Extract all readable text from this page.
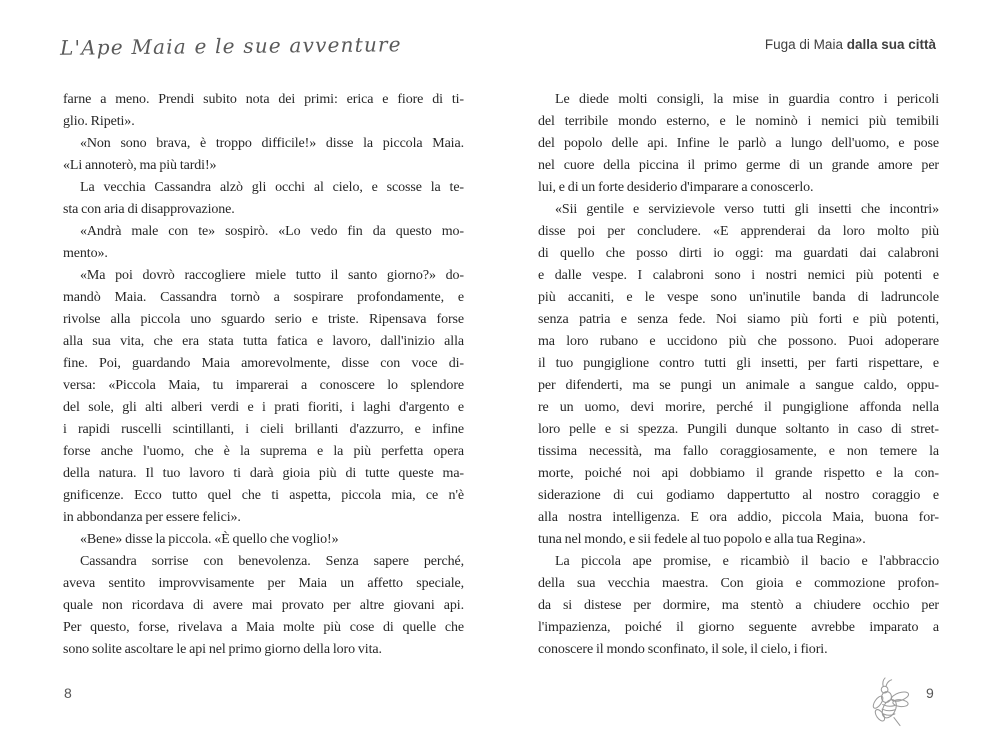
L'Ape Maia e le sue avventure	Fuga di Maia dalla sua città
farne a meno. Prendi subito nota dei primi: erica e fiore di ti-
glio. Ripeti».
«Non sono brava, è troppo difficile!» disse la piccola Maia.
«Li annoterò, ma più tardi!»
La vecchia Cassandra alzò gli occhi al cielo, e scosse la te-
sta con aria di disapprovazione.
«Andrà male con te» sospirò. «Lo vedo fin da questo mo-
mento».
«Ma poi dovrò raccogliere miele tutto il santo giorno?» do-
mandò Maia. Cassandra tornò a sospirare profondamente, e
rivolse alla piccola uno sguardo serio e triste. Ripensava forse
alla sua vita, che era stata tutta fatica e lavoro, dall'inizio alla
fine. Poi, guardando Maia amorevolmente, disse con voce di-
versa: «Piccola Maia, tu imparerai a conoscere lo splendore
del sole, gli alti alberi verdi e i prati fioriti, i laghi d'argento e
i rapidi ruscelli scintillanti, i cieli brillanti d'azzurro, e infine
forse anche l'uomo, che è la suprema e la più perfetta opera
della natura. Il tuo lavoro ti darà gioia più di tutte queste ma-
gnificenze. Ecco tutto quel che ti aspetta, piccola mia, ce n'è
in abbondanza per essere felici».
«Bene» disse la piccola. «È quello che voglio!»
Cassandra sorrise con benevolenza. Senza sapere perché,
aveva sentito improvvisamente per Maia un affetto speciale,
quale non ricordava di avere mai provato per altre giovani api.
Per questo, forse, rivelava a Maia molte più cose di quelle che
sono solite ascoltare le api nel primo giorno della loro vita.
Le diede molti consigli, la mise in guardia contro i pericoli
del terribile mondo esterno, e le nominò i nemici più temibili
del popolo delle api. Infine le parlò a lungo dell'uomo, e pose
nel cuore della piccina il primo germe di un grande amore per
lui, e di un forte desiderio d'imparare a conoscerlo.
«Sii gentile e servizievole verso tutti gli insetti che incontri»
disse poi per concludere. «E apprenderai da loro molto più
di quello che posso dirti io oggi: ma guardati dai calabroni
e dalle vespe. I calabroni sono i nostri nemici più potenti e
più accaniti, e le vespe sono un'inutile banda di ladruncole
senza patria e senza fede. Noi siamo più forti e più potenti,
ma loro rubano e uccidono più che possono. Puoi adoperare
il tuo pungiglione contro tutti gli insetti, per farti rispettare, e
per difenderti, ma se pungi un animale a sangue caldo, oppu-
re un uomo, devi morire, perché il pungiglione affonda nella
loro pelle e si spezza. Pungili dunque soltanto in caso di stret-
tissima necessità, ma fallo coraggiosamente, e non temere la
morte, poiché noi api dobbiamo il grande rispetto e la con-
siderazione di cui godiamo dappertutto al nostro coraggio e
alla nostra intelligenza. E ora addio, piccola Maia, buona for-
tuna nel mondo, e sii fedele al tuo popolo e alla tua Regina».
La piccola ape promise, e ricambiò il bacio e l'abbraccio
della sua vecchia maestra. Con gioia e commozione profon-
da si distese per dormire, ma stentò a chiudere occhio per
l'impazienza, poiché il giorno seguente avrebbe imparato a
conoscere il mondo sconfinato, il sole, il cielo, i fiori.
8	9
